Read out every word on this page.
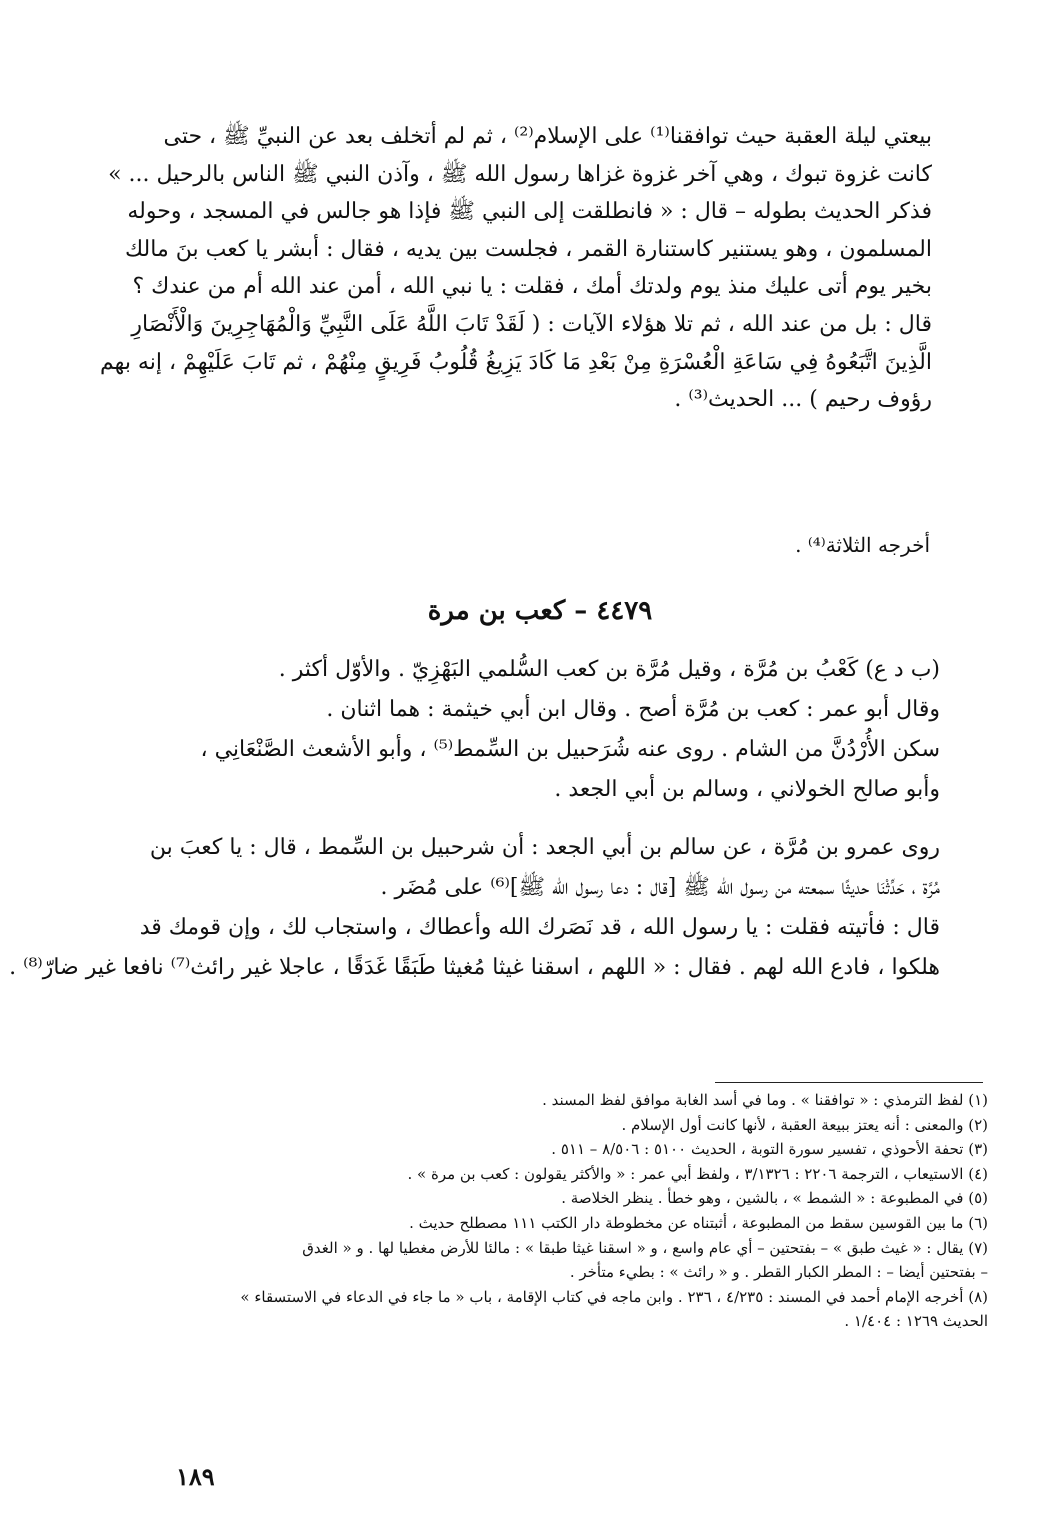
بيعتي ليلة العقبة حيث توافقنا⁽¹⁾ على الإسلام⁽²⁾ ، ثم لم أتخلف بعد عن النبيِّ ﷺ ، حتى
كانت غزوة تبوك ، وهي آخر غزوة غزاها رسول الله ﷺ ، وآذن النبي ﷺ الناس بالرحيل ... »
فذكر الحديث بطوله – قال : « فانطلقت إلى النبي ﷺ فإذا هو جالس في المسجد ، وحوله
المسلمون ، وهو يستنير كاستنارة القمر ، فجلست بين يديه ، فقال : أبشر يا كعب بنَ مالك
بخير يوم أتى عليك منذ يوم ولدتك أمك ، فقلت : يا نبي الله ، أمن عند الله أم من عندك ؟
قال : بل من عند الله ، ثم تلا هؤلاء الآيات : ( لَقَدْ تَابَ اللَّهُ عَلَى النَّبِيِّ وَالْمُهَاجِرِينَ وَالْأَنْصَارِ
الَّذِينَ اتَّبَعُوهُ فِي سَاعَةِ الْعُسْرَةِ مِنْ بَعْدِ مَا كَادَ يَزِيغُ قُلُوبُ فَرِيقٍ مِنْهُمْ ، ثم تَابَ عَلَيْهِمْ ، إنه بهم
رؤوف رحيم ) ... الحديث⁽³⁾ .
أخرجه الثلاثة⁽⁴⁾ .
٤٤٧٩ – كعب بن مرة
(ب د ع) كَعْبُ بن مُرَّة ، وقيل مُرَّة بن كعب السُّلمي البَهْزِيّ . والأوّل أكثر .
وقال أبو عمر : كعب بن مُرَّة أصح . وقال ابن أبي خيثمة : هما اثنان .
سكن الأُرْدُنَّ من الشام . روى عنه شُرَحبيل بن السِّمط⁽⁵⁾ ، وأبو الأشعث الصَّنْعَانِي ،
وأبو صالح الخولاني ، وسالم بن أبي الجعد .
روى عمرو بن مُرَّة ، عن سالم بن أبي الجعد : أن شرحبيل بن السِّمط ، قال : يا كعبَ بن
مُرَّة ، حَدِّثْنَا حديثًا سمعته من رسول الله ﷺ [قال : دعا رسول الله ﷺ]⁽⁶⁾ على مُضَر .
قال : فأتيته فقلت : يا رسول الله ، قد نَصَرك الله وأعطاك ، واستجاب لك ، وإن قومك قد
هلكوا ، فادع الله لهم . فقال : « اللهم ، اسقنا غيثا مُغيثا طَبَقًا غَدَقًا ، عاجلا غير رائث⁽⁷⁾ نافعا غير ضارّ⁽⁸⁾ .
(١) لفظ الترمذي : « توافقنا » . وما في أسد الغابة موافق لفظ المسند .
(٢) والمعنى : أنه يعتز ببيعة العقبة ، لأنها كانت أول الإسلام .
(٣) تحفة الأحوذي ، تفسير سورة التوبة ، الحديث ٥١٠٠ : ٨/٥٠٦ – ٥١١ .
(٤) الاستيعاب ، الترجمة ٢٢٠٦ : ٣/١٣٢٦ ، ولفظ أبي عمر : « والأكثر يقولون : كعب بن مرة » .
(٥) في المطبوعة : « الشمط » ، بالشين ، وهو خطأ . ينظر الخلاصة .
(٦) ما بين القوسين سقط من المطبوعة ، أثبتناه عن مخطوطة دار الكتب ١١١ مصطلح حديث .
(٧) يقال : « غيث طبق » – بفتحتين – أي عام واسع ، و « اسقنا غيثا طبقا » : مالئا للأرض مغطيا لها . و « الغدق
– بفتحتين أيضا – : المطر الكبار القطر . و « رائث » : بطيء متأخر .
(٨) أخرجه الإمام أحمد في المسند : ٤/٢٣٥ ، ٢٣٦ . وابن ماجه في كتاب الإقامة ، باب « ما جاء في الدعاء في الاستسقاء »
الحديث ١٢٦٩ : ١/٤٠٤ .
١٨٩
